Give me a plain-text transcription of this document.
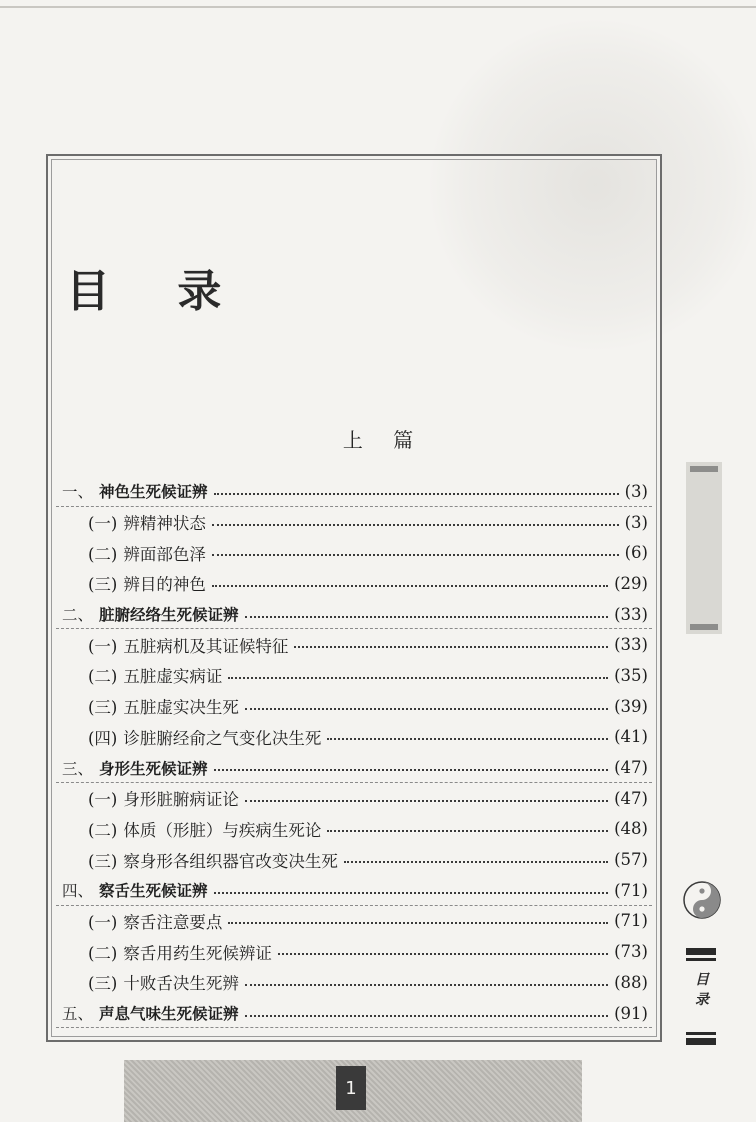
目 录
上 篇
一、 神色生死候证辨	(3)
(一) 辨精神状态	(3)
(二) 辨面部色泽	(6)
(三) 辨目的神色	(29)
二、 脏腑经络生死候证辨	(33)
(一) 五脏病机及其证候特征	(33)
(二) 五脏虚实病证	(35)
(三) 五脏虚实决生死	(39)
(四) 诊脏腑经俞之气变化决生死	(41)
三、 身形生死候证辨	(47)
(一) 身形脏腑病证论	(47)
(二) 体质（形脏）与疾病生死论	(48)
(三) 察身形各组织器官改变决生死	(57)
四、 察舌生死候证辨	(71)
(一) 察舌注意要点	(71)
(二) 察舌用药生死候辨证	(73)
(三) 十败舌决生死辨	(88)
五、 声息气味生死候证辨	(91)
目录
1
